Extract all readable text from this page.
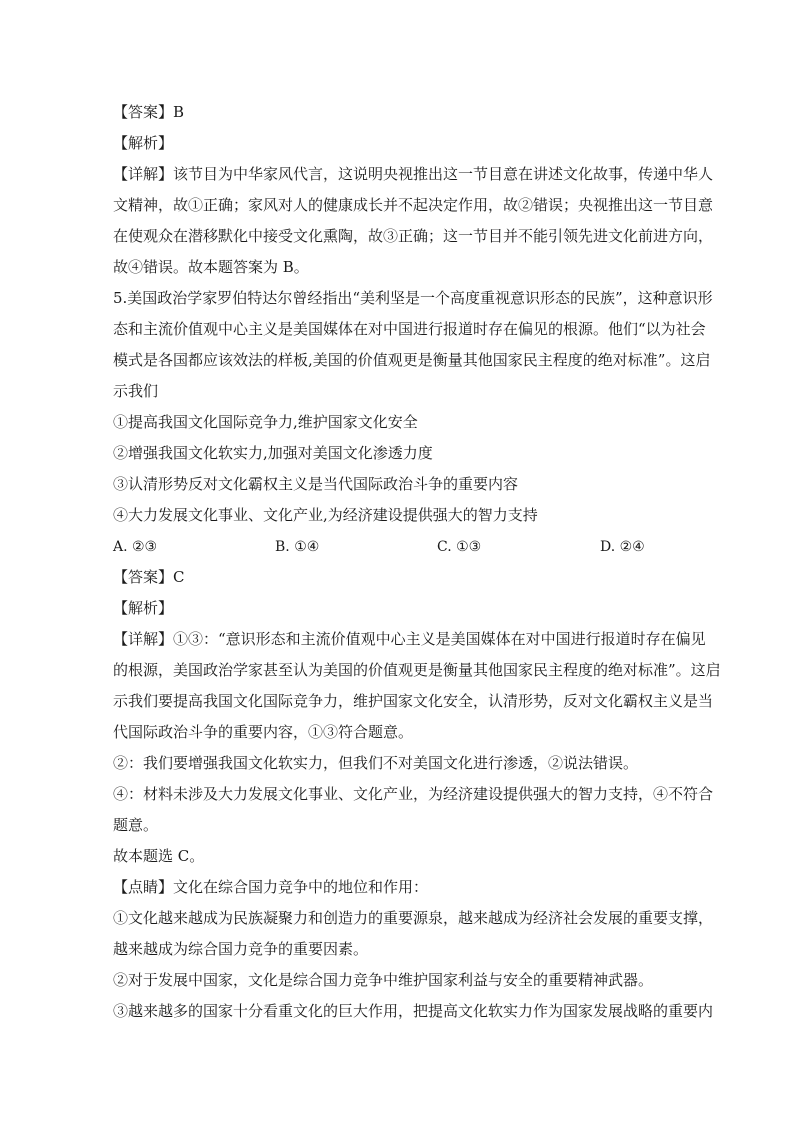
【答案】B
【解析】
【详解】该节目为中华家风代言，这说明央视推出这一节目意在讲述文化故事，传递中华人
文精神，故①正确；家风对人的健康成长并不起决定作用，故②错误；央视推出这一节目意
在使观众在潜移默化中接受文化熏陶，故③正确；这一节目并不能引领先进文化前进方向，
故④错误。故本题答案为 B。
5.美国政治学家罗伯特达尔曾经指出“美利坚是一个高度重视意识形态的民族”，这种意识形
态和主流价值观中心主义是美国媒体在对中国进行报道时存在偏见的根源。他们“以为社会
模式是各国都应该效法的样板,美国的价值观更是衡量其他国家民主程度的绝对标准”。这启
示我们
①提高我国文化国际竞争力,维护国家文化安全
②增强我国文化软实力,加强对美国文化渗透力度
③认清形势反对文化霸权主义是当代国际政治斗争的重要内容
④大力发展文化事业、文化产业,为经济建设提供强大的智力支持
A. ②③	B. ①④	C. ①③	D. ②④
【答案】C
【解析】
【详解】①③：“意识形态和主流价值观中心主义是美国媒体在对中国进行报道时存在偏见
的根源，美国政治学家甚至认为美国的价值观更是衡量其他国家民主程度的绝对标准”。这启
示我们要提高我国文化国际竞争力，维护国家文化安全，认清形势，反对文化霸权主义是当
代国际政治斗争的重要内容，①③符合题意。
②：我们要增强我国文化软实力，但我们不对美国文化进行渗透，②说法错误。
④：材料未涉及大力发展文化事业、文化产业，为经济建设提供强大的智力支持，④不符合
题意。
故本题选 C。
【点睛】文化在综合国力竞争中的地位和作用：
①文化越来越成为民族凝聚力和创造力的重要源泉，越来越成为经济社会发展的重要支撑，
越来越成为综合国力竞争的重要因素。
②对于发展中国家，文化是综合国力竞争中维护国家利益与安全的重要精神武器。
③越来越多的国家十分看重文化的巨大作用，把提高文化软实力作为国家发展战略的重要内
